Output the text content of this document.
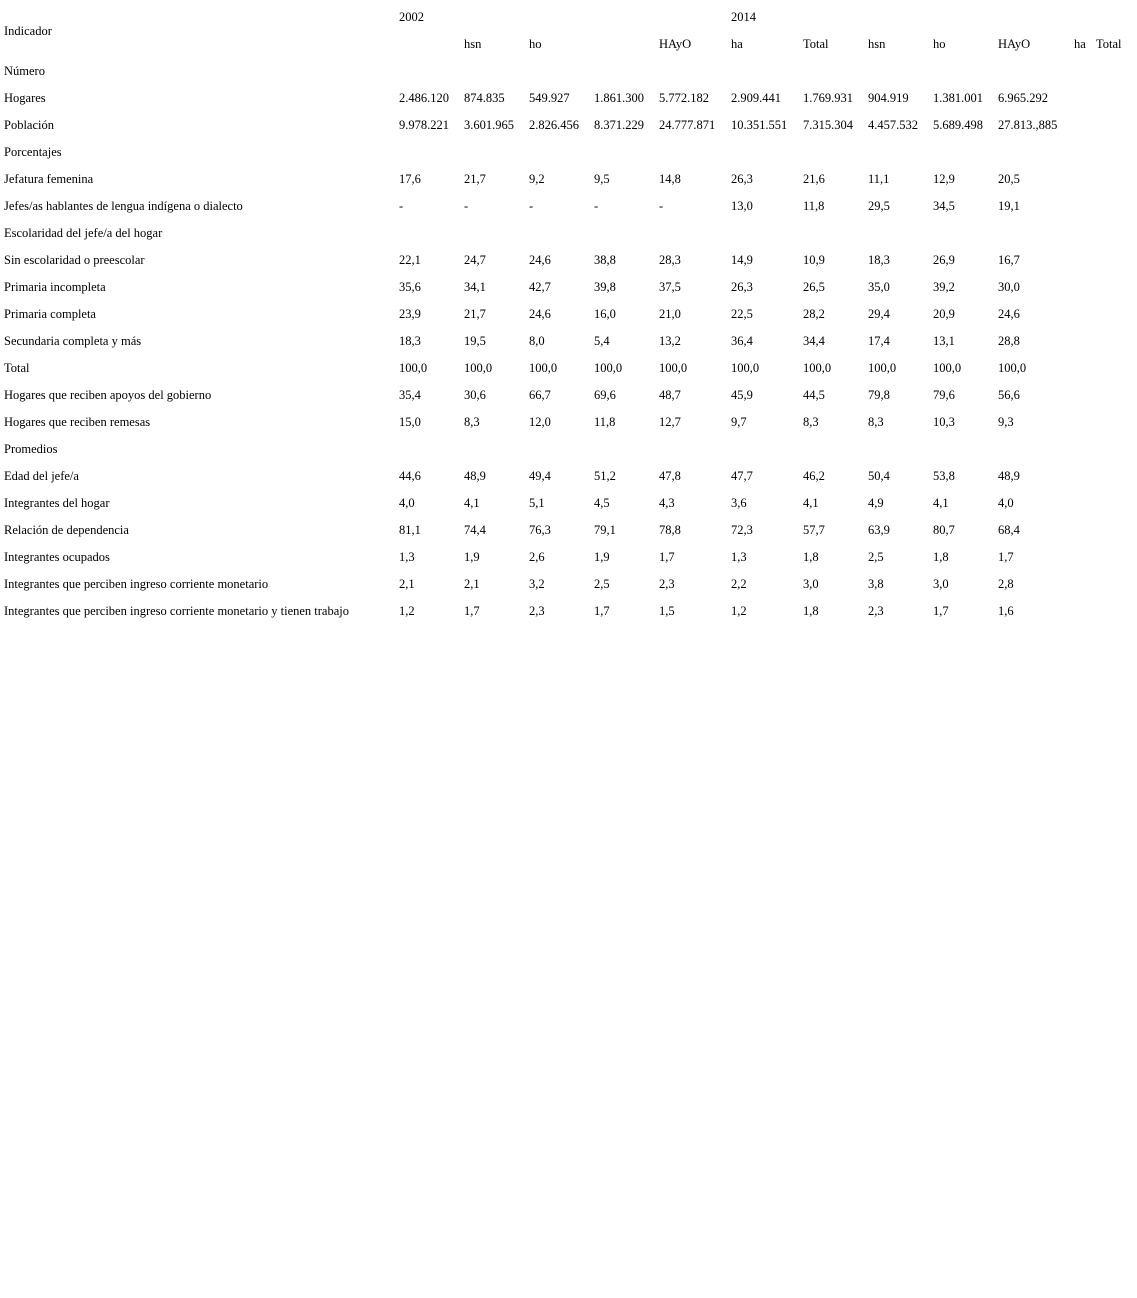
Indicador	2002					2014						
		hsn	ho		HAyO	ha	Total	hsn	ho	HAyO	ha	Total
Número												
Hogares	2.486.120	874.835	549.927	1.861.300	5.772.182	2.909.441	1.769.931	904.919	1.381.001	6.965.292		
Población	9.978.221	3.601.965	2.826.456	8.371.229	24.777.871	10.351.551	7.315.304	4.457.532	5.689.498	27.813.,885		
Porcentajes												
Jefatura femenina	17,6	21,7	9,2	9,5	14,8	26,3	21,6	11,1	12,9	20,5		
Jefes/as hablantes de lengua indígena o dialecto	-	-	-	-	-	13,0	11,8	29,5	34,5	19,1		
Escolaridad del jefe/a del hogar												
Sin escolaridad o preescolar	22,1	24,7	24,6	38,8	28,3	14,9	10,9	18,3	26,9	16,7		
Primaria incompleta	35,6	34,1	42,7	39,8	37,5	26,3	26,5	35,0	39,2	30,0		
Primaria completa	23,9	21,7	24,6	16,0	21,0	22,5	28,2	29,4	20,9	24,6		
Secundaria completa y más	18,3	19,5	8,0	5,4	13,2	36,4	34,4	17,4	13,1	28,8		
Total	100,0	100,0	100,0	100,0	100,0	100,0	100,0	100,0	100,0	100,0		
Hogares que reciben apoyos del gobierno	35,4	30,6	66,7	69,6	48,7	45,9	44,5	79,8	79,6	56,6		
Hogares que reciben remesas	15,0	8,3	12,0	11,8	12,7	9,7	8,3	8,3	10,3	9,3		
Promedios												
Edad del jefe/a	44,6	48,9	49,4	51,2	47,8	47,7	46,2	50,4	53,8	48,9		
Integrantes del hogar	4,0	4,1	5,1	4,5	4,3	3,6	4,1	4,9	4,1	4,0		
Relación de dependencia	81,1	74,4	76,3	79,1	78,8	72,3	57,7	63,9	80,7	68,4		
Integrantes ocupados	1,3	1,9	2,6	1,9	1,7	1,3	1,8	2,5	1,8	1,7		
Integrantes que perciben ingreso corriente monetario	2,1	2,1	3,2	2,5	2,3	2,2	3,0	3,8	3,0	2,8		
Integrantes que perciben ingreso corriente monetario y tienen trabajo	1,2	1,7	2,3	1,7	1,5	1,2	1,8	2,3	1,7	1,6		
